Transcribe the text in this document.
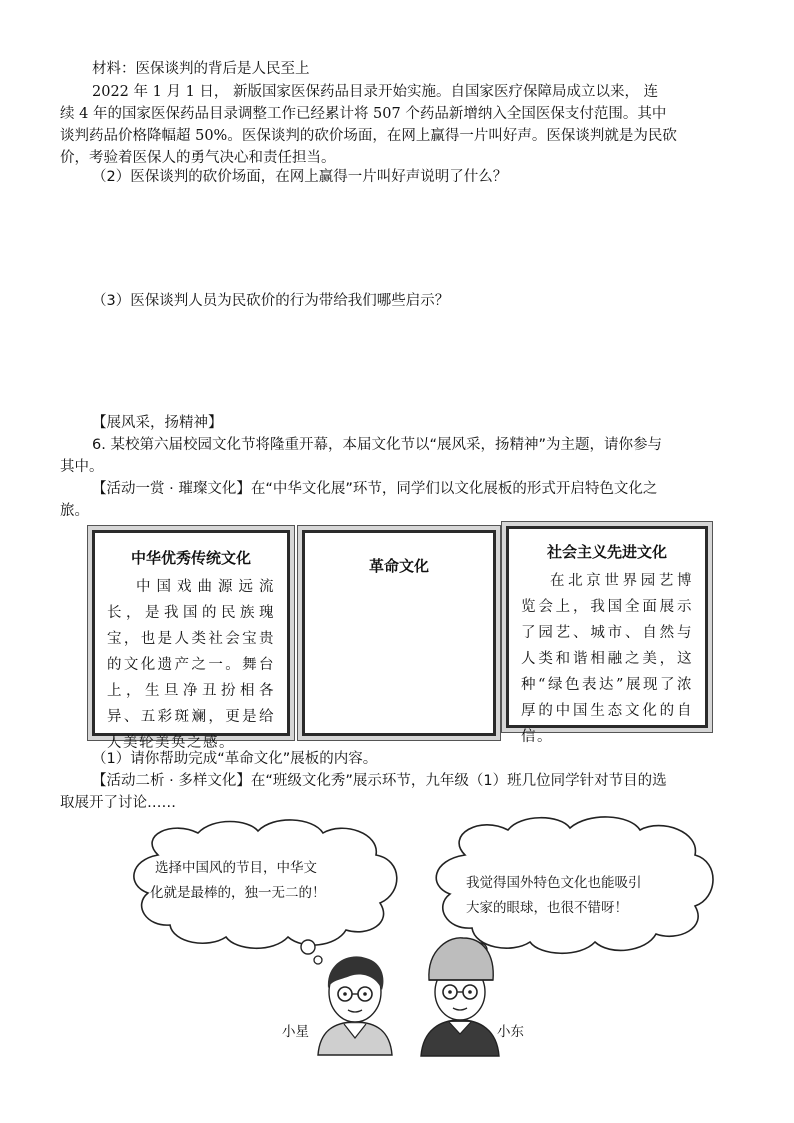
材料：医保谈判的背后是人民至上
2022 年 1 月 1 日， 新版国家医保药品目录开始实施。自国家医疗保障局成立以来， 连
续 4 年的国家医保药品目录调整工作已经累计将 507 个药品新增纳入全国医保支付范围。其中
谈判药品价格降幅超 50%。医保谈判的砍价场面，在网上赢得一片叫好声。医保谈判就是为民砍
价，考验着医保人的勇气决心和责任担当。
（2）医保谈判的砍价场面，在网上赢得一片叫好声说明了什么？
（3）医保谈判人员为民砍价的行为带给我们哪些启示？
【展风采，扬精神】
6. 某校第六届校园文化节将隆重开幕，本届文化节以“展风采，扬精神”为主题，请你参与
其中。
【活动一赏 · 璀璨文化】在“中华文化展”环节，同学们以文化展板的形式开启特色文化之
旅。
中华优秀传统文化
中国戏曲源远流长，是我国的民族瑰宝，也是人类社会宝贵的文化遗产之一。舞台上，生旦净丑扮相各异、五彩斑斓，更是给人美轮美奂之感。
革命文化
社会主义先进文化
在北京世界园艺博览会上，我国全面展示了园艺、城市、自然与人类和谐相融之美，这种“绿色表达”展现了浓厚的中国生态文化的自信。
（1）请你帮助完成“革命文化”展板的内容。
【活动二析 · 多样文化】在“班级文化秀”展示环节，九年级（1）班几位同学针对节目的选
取展开了讨论……
选择中国风的节目，中华文
化就是最棒的，独一无二的！
我觉得国外特色文化也能吸引
大家的眼球，也很不错呀！
小星	小东
